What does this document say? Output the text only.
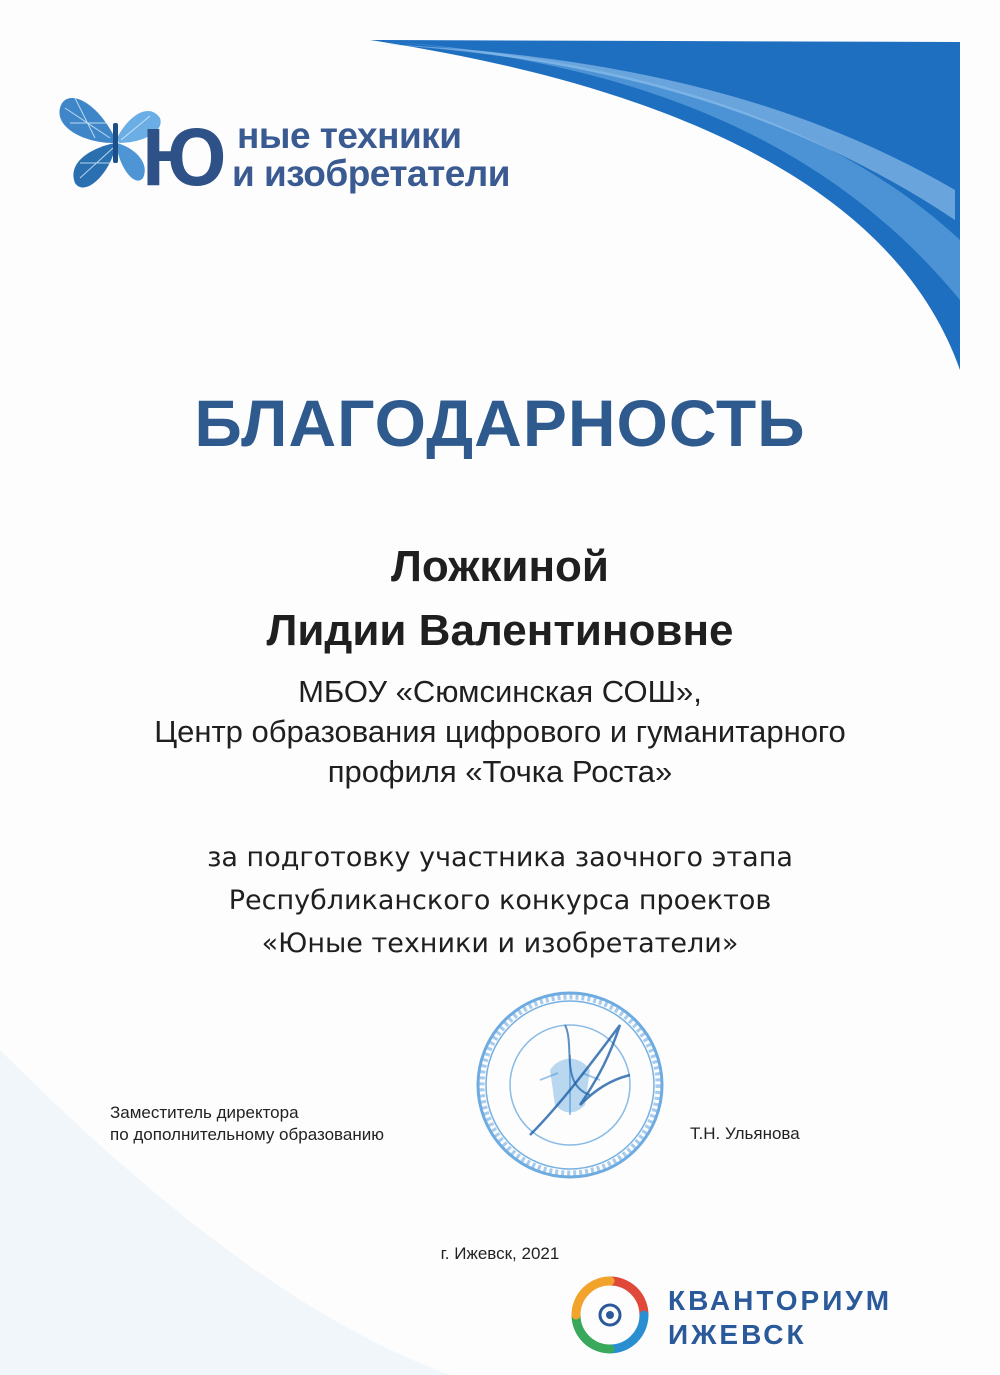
Ю ные техники
и изобретатели
БЛАГОДАРНОСТЬ
Ложкиной
Лидии Валентиновне
МБОУ «Сюмсинская СОШ»,
Центр образования цифрового и гуманитарного
профиля «Точка Роста»
за подготовку участника заочного этапа
Республиканского конкурса проектов
«Юные техники и изобретатели»
Заместитель директора
по дополнительному образованию	Т.Н. Ульянова
г. Ижевск, 2021
КВАНТОРИУМ
ИЖЕВСК
